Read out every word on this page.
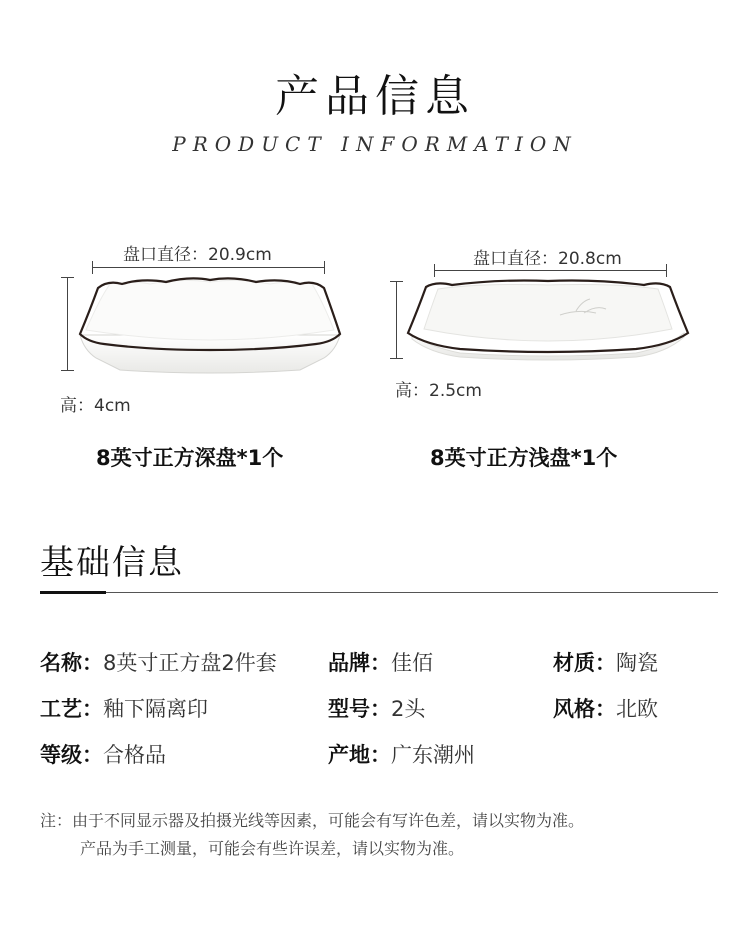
产品信息
PRODUCT INFORMATION
盘口直径：20.9cm
高：4cm
8英寸正方深盘*1个
盘口直径：20.8cm
高：2.5cm
8英寸正方浅盘*1个
基础信息
名称：8英寸正方盘2件套 品牌：佳佰	材质：陶瓷
工艺：釉下隔离印	型号：2头	风格：北欧
等级：合格品	产地：广东潮州
注：由于不同显示器及拍摄光线等因素，可能会有写许色差，请以实物为准。
产品为手工测量，可能会有些许误差，请以实物为准。
